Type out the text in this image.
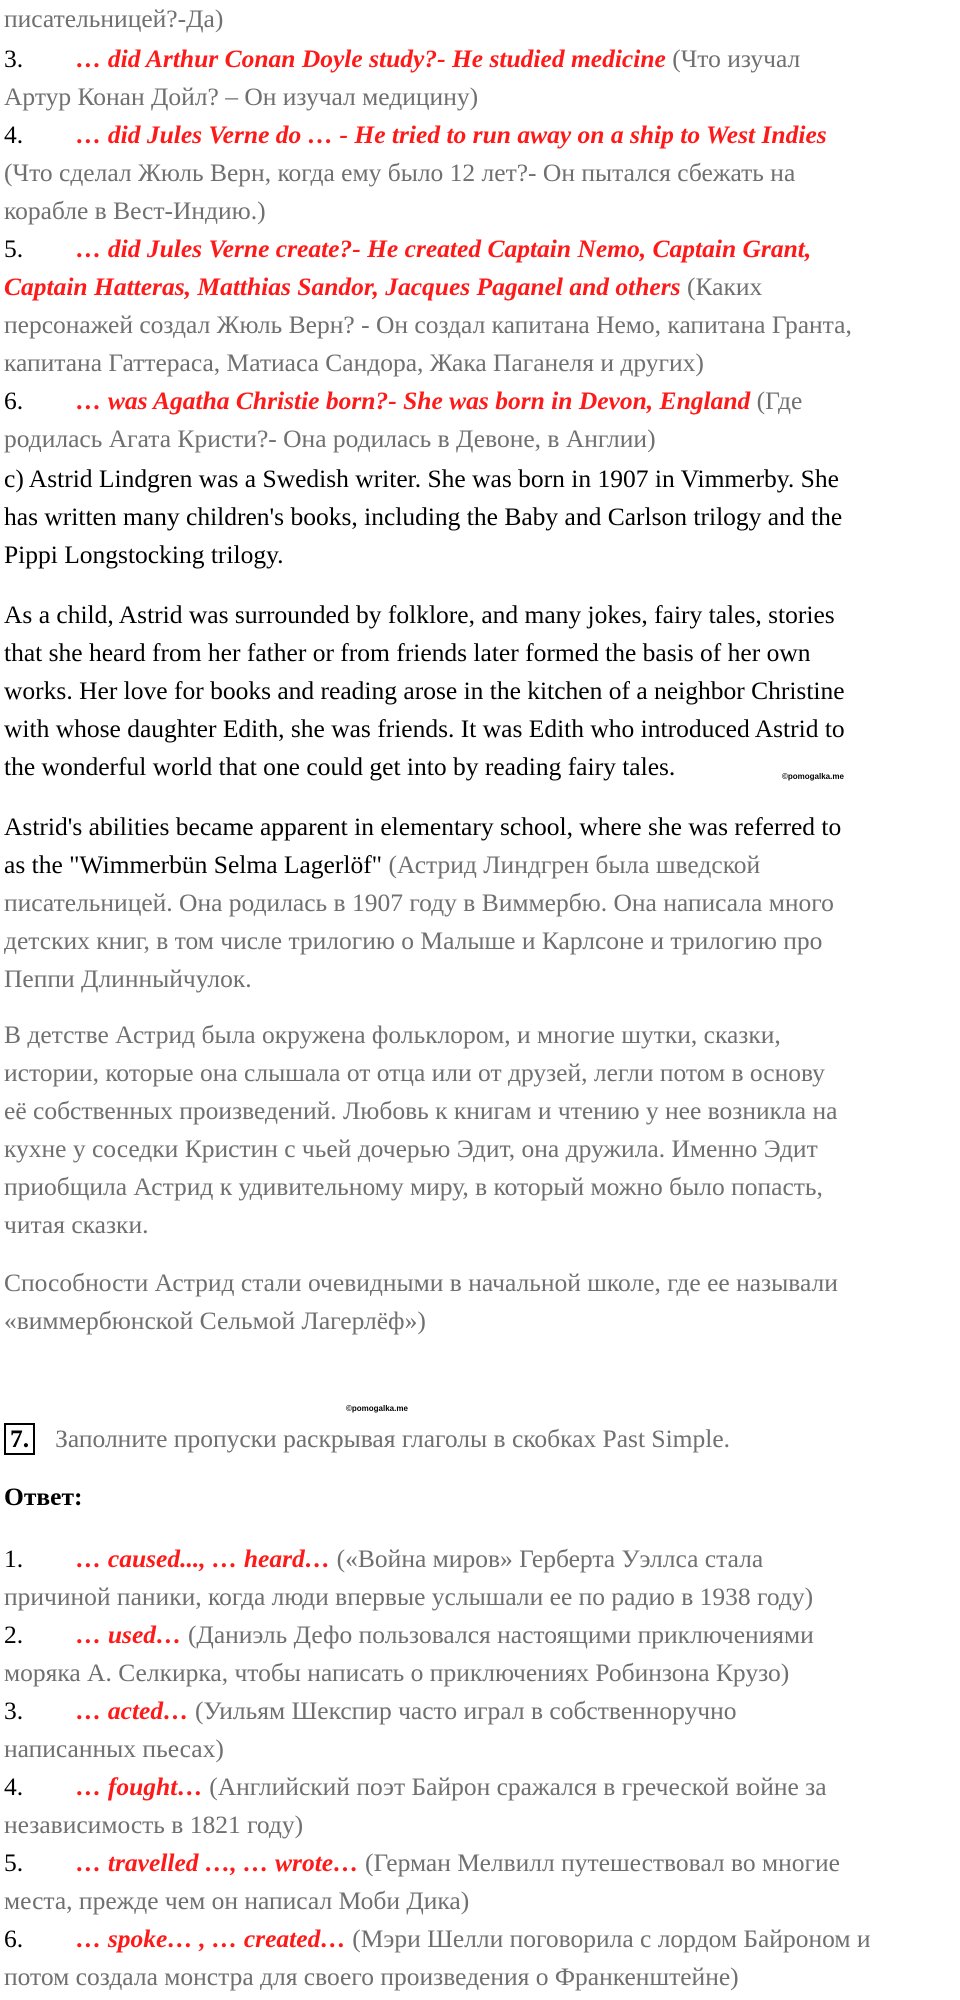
писательницей?-Да)
3. … did Arthur Conan Doyle study?- He studied medicine (Что изучал
Артур Конан Дойл? – Он изучал медицину)
4. … did Jules Verne do … - He tried to run away on a ship to West Indies
(Что сделал Жюль Верн, когда ему было 12 лет?- Он пытался сбежать на
корабле в Вест-Индию.)
5. … did Jules Verne create?- He created Captain Nemo, Captain Grant,
Captain Hatteras, Matthias Sandor, Jacques Paganel and others (Каких
персонажей создал Жюль Верн? - Он создал капитана Немо, капитана Гранта,
капитана Гаттераса, Матиаса Сандора, Жака Паганеля и других)
6. … was Agatha Christie born?- She was born in Devon, England (Где
родилась Агата Кристи?- Она родилась в Девоне, в Англии)
c) Astrid Lindgren was a Swedish writer. She was born in 1907 in Vimmerby. She
has written many children's books, including the Baby and Carlson trilogy and the
Pippi Longstocking trilogy.
As a child, Astrid was surrounded by folklore, and many jokes, fairy tales, stories
that she heard from her father or from friends later formed the basis of her own
works. Her love for books and reading arose in the kitchen of a neighbor Christine
with whose daughter Edith, she was friends. It was Edith who introduced Astrid to
the wonderful world that one could get into by reading fairy tales.	©pomogalka.me
Astrid's abilities became apparent in elementary school, where she was referred to
as the "Wimmerbün Selma Lagerlöf" (Астрид Линдгрен была шведской
писательницей. Она родилась в 1907 году в Виммербю. Она написала много
детских книг, в том числе трилогию о Малыше и Карлсоне и трилогию про
Пеппи Длинныйчулок.
В детстве Астрид была окружена фольклором, и многие шутки, сказки,
истории, которые она слышала от отца или от друзей, легли потом в основу
её собственных произведений. Любовь к книгам и чтению у нее возникла на
кухне у соседки Кристин с чьей дочерью Эдит, она дружила. Именно Эдит
приобщила Астрид к удивительному миру, в который можно было попасть,
читая сказки.
Способности Астрид стали очевидными в начальной школе, где ее называли
«виммербюнской Сельмой Лагерлёф»)
©pomogalka.me
7. Заполните пропуски раскрывая глаголы в скобках Past Simple.
Ответ:
1. … caused..., … heard… («Война миров» Герберта Уэллса стала
причиной паники, когда люди впервые услышали ее по радио в 1938 году)
2. … used… (Даниэль Дефо пользовался настоящими приключениями
моряка А. Селкирка, чтобы написать о приключениях Робинзона Крузо)
3. … acted… (Уильям Шекспир часто играл в собственноручно
написанных пьесах)
4. … fought… (Английский поэт Байрон сражался в греческой войне за
независимость в 1821 году)
5. … travelled …, … wrote… (Герман Мелвилл путешествовал во многие
места, прежде чем он написал Моби Дика)
6. … spoke… , … created… (Мэри Шелли поговорила с лордом Байроном и
потом создала монстра для своего произведения о Франкенштейне)
